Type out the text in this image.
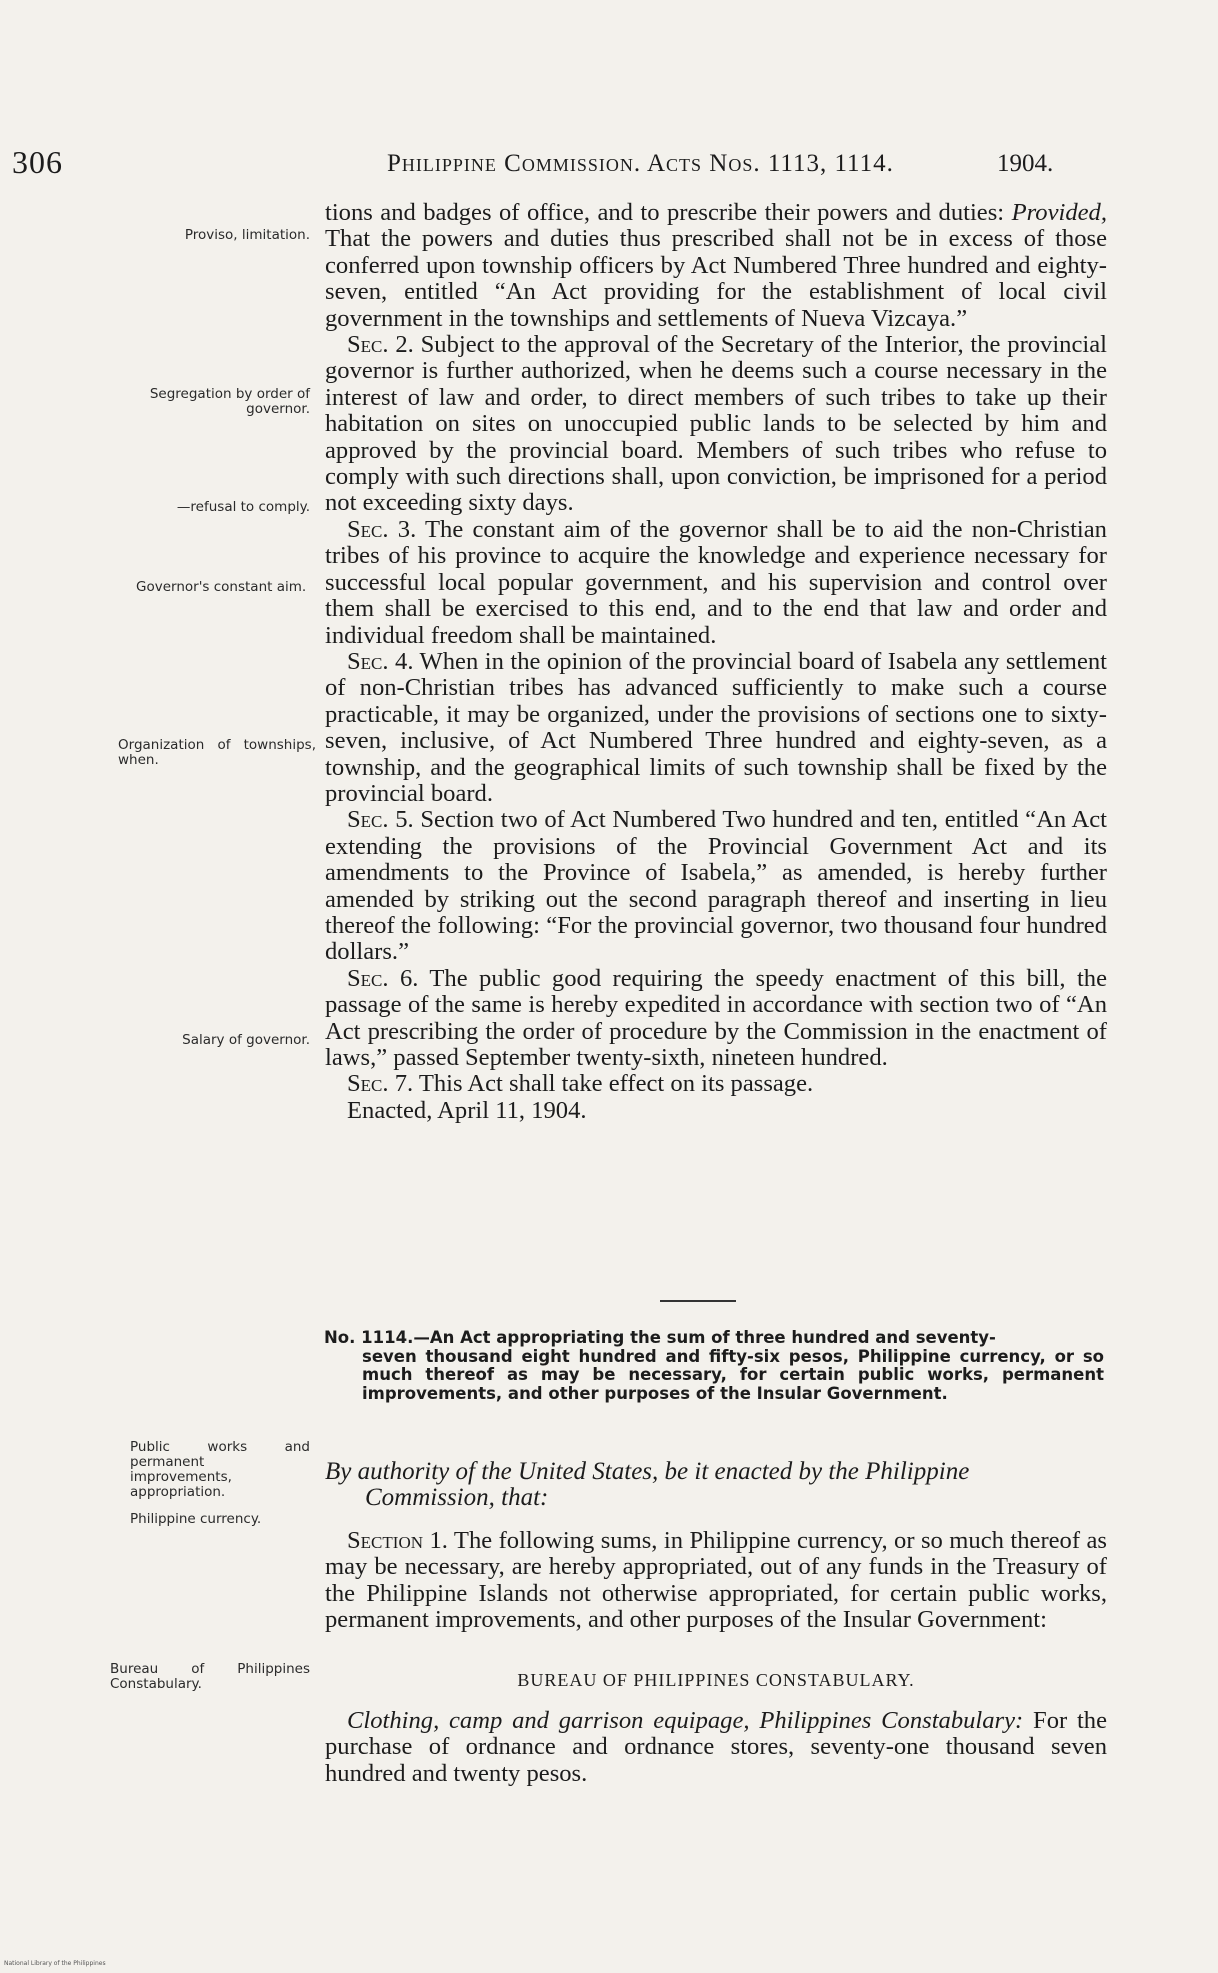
306	Philippine Commission. Acts Nos. 1113, 1114.	1904.
Proviso, limitation.
Segregation by order of governor.
—refusal to comply.
Governor's constant aim.
Organization of townships, when.
Salary of governor.
Public works and permanent improvements, appropriation.
Philippine currency.
Bureau of Philippines Constabulary.

tions and badges of office, and to prescribe their powers and duties: Provided, That the powers and duties thus prescribed shall not be in excess of those conferred upon township officers by Act Numbered Three hundred and eighty-seven, entitled “An Act providing for the establishment of local civil government in the townships and settlements of Nueva Vizcaya.”

Sec. 2. Subject to the approval of the Secretary of the Interior, the provincial governor is further authorized, when he deems such a course necessary in the interest of law and order, to direct members of such tribes to take up their habitation on sites on unoccupied public lands to be selected by him and approved by the provincial board. Members of such tribes who refuse to comply with such directions shall, upon conviction, be imprisoned for a period not exceeding sixty days.

Sec. 3. The constant aim of the governor shall be to aid the non-Christian tribes of his province to acquire the knowledge and experience necessary for successful local popular government, and his supervision and control over them shall be exercised to this end, and to the end that law and order and individual freedom shall be maintained.

Sec. 4. When in the opinion of the provincial board of Isabela any settlement of non-Christian tribes has advanced sufficiently to make such a course practicable, it may be organized, under the provisions of sections one to sixty-seven, inclusive, of Act Numbered Three hundred and eighty-seven, as a township, and the geographical limits of such township shall be fixed by the provincial board.

Sec. 5. Section two of Act Numbered Two hundred and ten, entitled “An Act extending the provisions of the Provincial Government Act and its amendments to the Province of Isabela,” as amended, is hereby further amended by striking out the second paragraph thereof and inserting in lieu thereof the following: “For the provincial governor, two thousand four hundred dollars.”

Sec. 6. The public good requiring the speedy enactment of this bill, the passage of the same is hereby expedited in accordance with section two of “An Act prescribing the order of procedure by the Commission in the enactment of laws,” passed September twenty-sixth, nineteen hundred.

Sec. 7. This Act shall take effect on its passage.

Enacted, April 11, 1904.

No. 1114.—An Act appropriating the sum of three hundred and seventy-
seven thousand eight hundred and fifty-six pesos, Philippine currency, or so much thereof as may be necessary, for certain public works, permanent improvements, and other purposes of the Insular Government.
By authority of the United States, be it enacted by the Philippine
Commission, that:

Section 1. The following sums, in Philippine currency, or so much thereof as may be necessary, are hereby appropriated, out of any funds in the Treasury of the Philippine Islands not otherwise appropriated, for certain public works, permanent improvements, and other purposes of the Insular Government:

BUREAU OF PHILIPPINES CONSTABULARY.

Clothing, camp and garrison equipage, Philippines Constabulary: For the purchase of ordnance and ordnance stores, seventy-one thousand seven hundred and twenty pesos.

National Library of the Philippines
